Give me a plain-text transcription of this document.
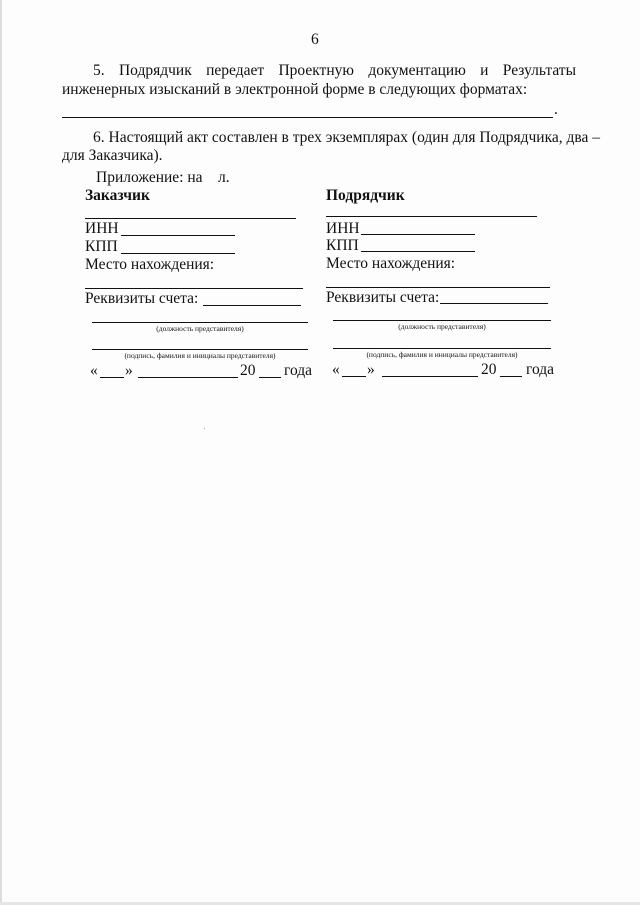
6
5. Подрядчик передает Проектную документацию и Результаты
инженерных изысканий в электронной форме в следующих форматах:
.
6. Настоящий акт составлен в трех экземплярах (один для Подрядчика, два –
для Заказчика).
Приложение: на    л.
Заказчик
ИНН
КПП
Место нахождения:
Реквизиты счета:
(должность представителя)
(подпись, фамилия и инициалы представителя)
« »	20 года
Подрядчик
ИНН
КПП
Место нахождения:
Реквизиты счета:
(должность представителя)
(подпись, фамилия и инициалы представителя)
« »	20 года
